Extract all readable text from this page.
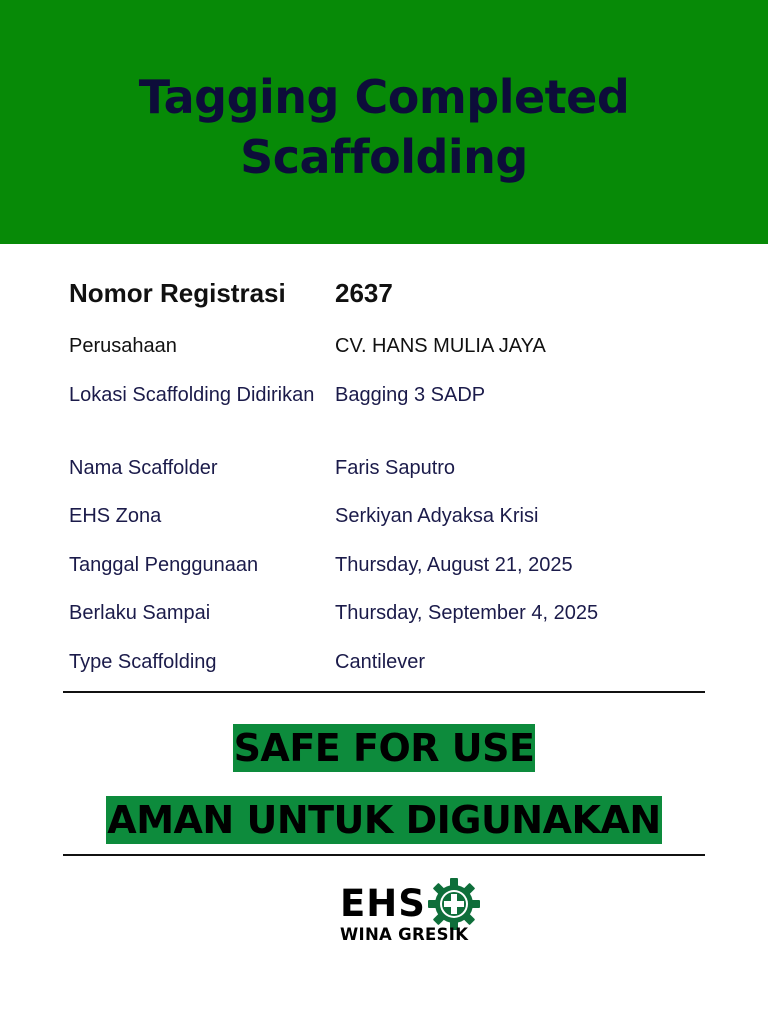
Tagging Completed Scaffolding
Nomor Registrasi	2637
Perusahaan	CV. HANS MULIA JAYA
Lokasi Scaffolding Didirikan	Bagging 3 SADP
Nama Scaffolder	Faris Saputro
EHS Zona	Serkiyan Adyaksa Krisi
Tanggal Penggunaan	Thursday, August 21, 2025
Berlaku Sampai	Thursday, September 4, 2025
Type Scaffolding	Cantilever
SAFE FOR USE
AMAN UNTUK DIGUNAKAN
EHS
WINA GRESIK
